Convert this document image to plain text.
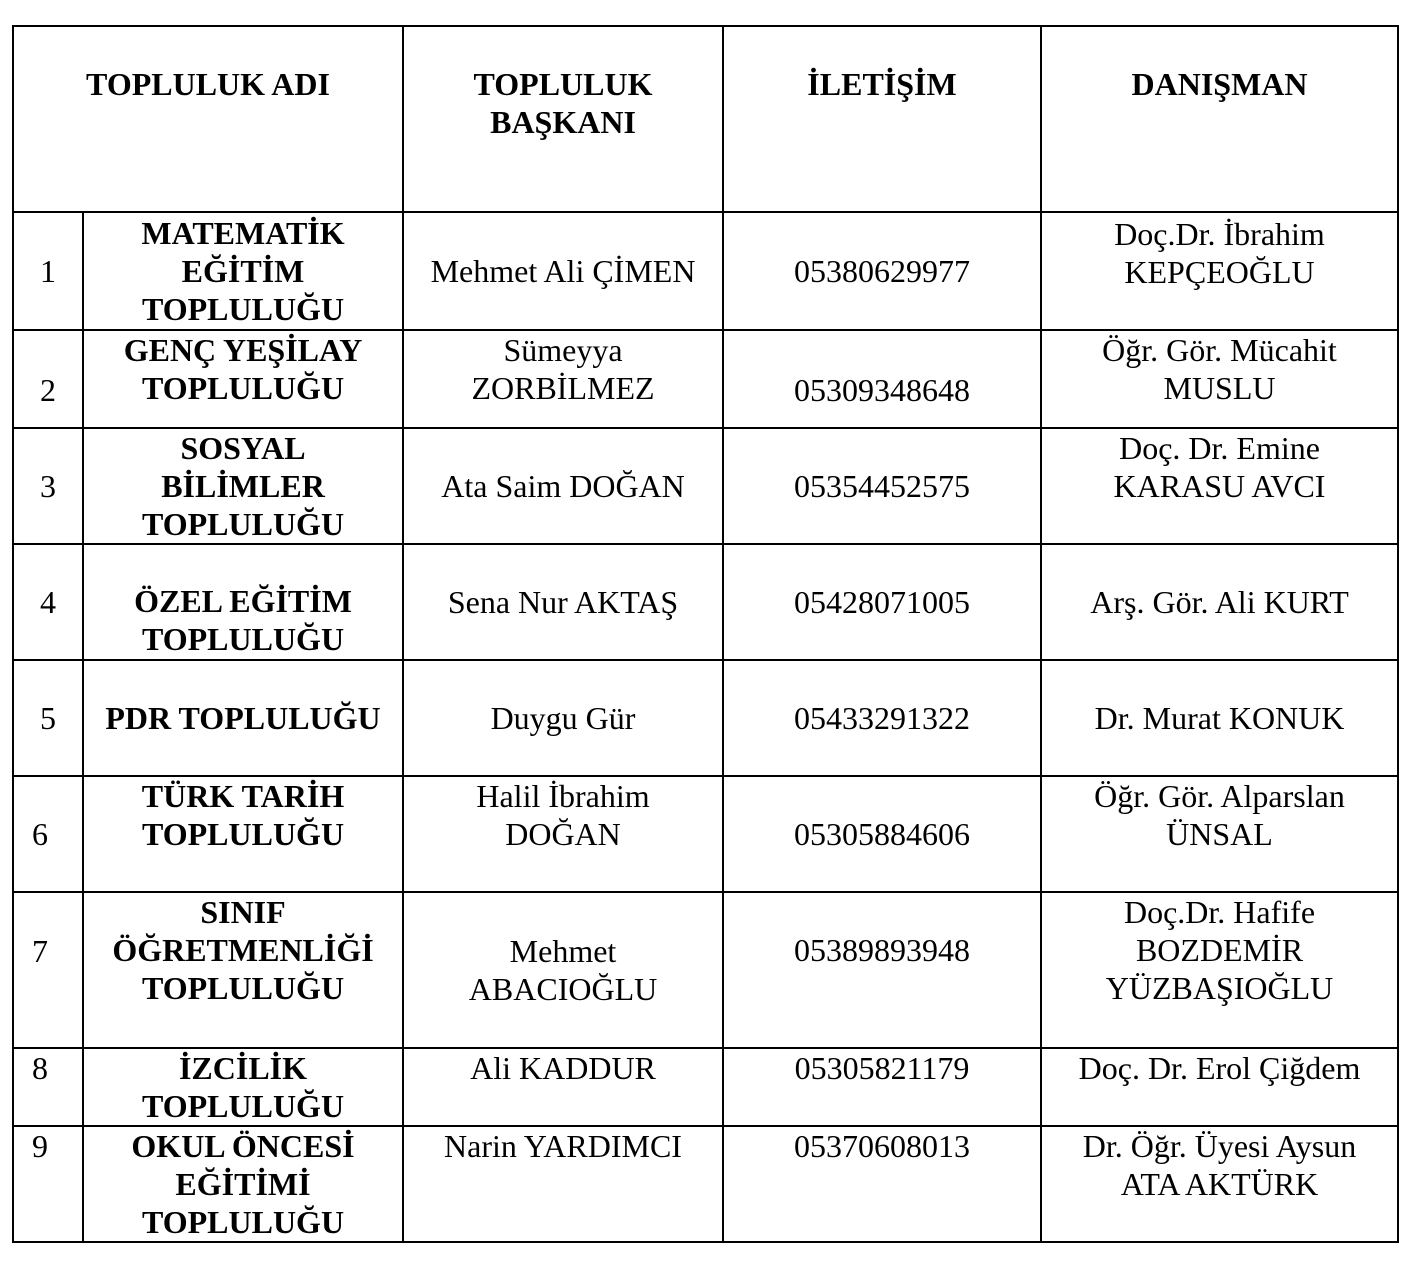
TOPLULUK ADI		TOPLULUK
BAŞKANI	İLETİŞİM	DANIŞMAN
1	MATEMATİK
EĞİTİM
TOPLULUĞU	Mehmet Ali ÇİMEN	05380629977	Doç.Dr. İbrahim
KEPÇEOĞLU
2	GENÇ YEŞİLAY
TOPLULUĞU	Sümeyya
ZORBİLMEZ	05309348648	Öğr. Gör. Mücahit
MUSLU
3	SOSYAL
BİLİMLER
TOPLULUĞU	Ata Saim DOĞAN	05354452575	Doç. Dr. Emine
KARASU AVCI
4	ÖZEL EĞİTİM
TOPLULUĞU	Sena Nur AKTAŞ	05428071005	Arş. Gör. Ali KURT
5	PDR TOPLULUĞU	Duygu Gür	05433291322	Dr. Murat KONUK
6	TÜRK TARİH
TOPLULUĞU	Halil İbrahim
DOĞAN	05305884606	Öğr. Gör. Alparslan
ÜNSAL
7	SINIF
ÖĞRETMENLİĞİ
TOPLULUĞU	Mehmet
ABACIOĞLU	05389893948	Doç.Dr. Hafife
BOZDEMİR
YÜZBAŞIOĞLU
8	İZCİLİK
TOPLULUĞU	Ali KADDUR	05305821179	Doç. Dr. Erol Çiğdem
9	OKUL ÖNCESİ
EĞİTİMİ
TOPLULUĞU	Narin YARDIMCI	05370608013	Dr. Öğr. Üyesi Aysun
ATA AKTÜRK
